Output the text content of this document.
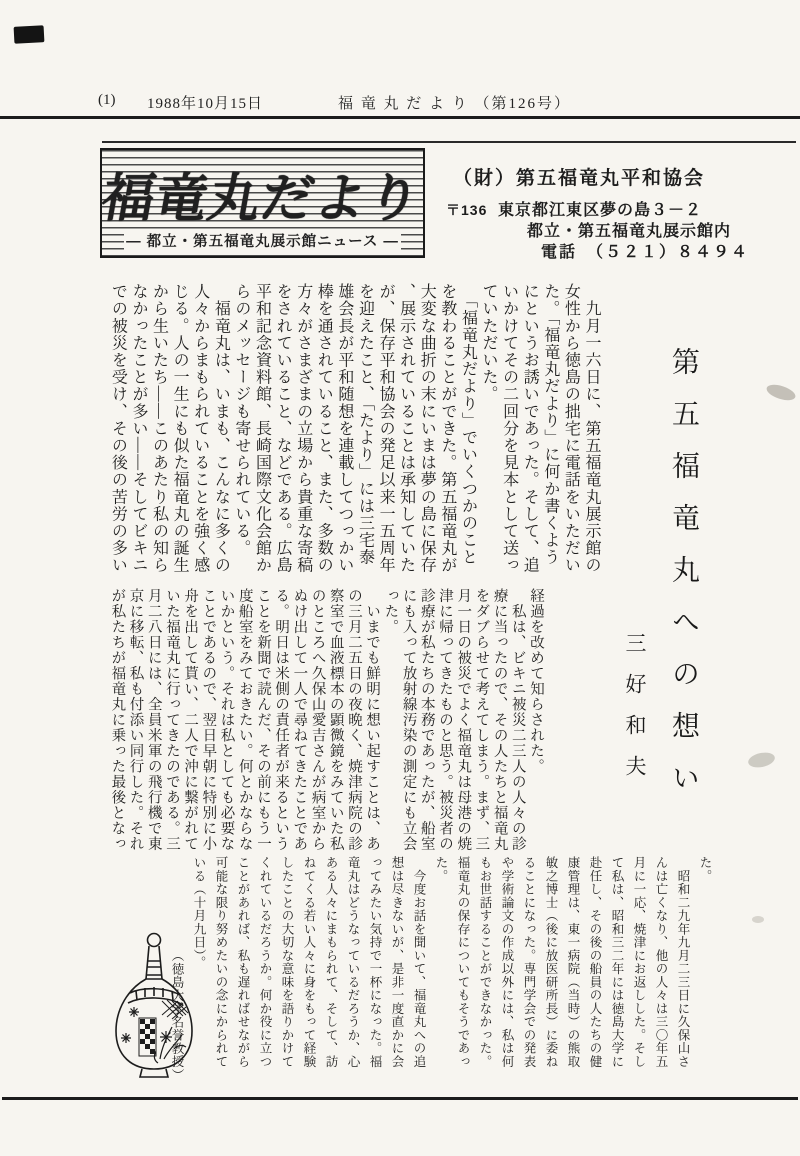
(1) 1988年10月15日	福 竜 丸 だ よ り （第126号）
福竜丸だより
— 都立・第五福竜丸展示館ニュース —
（財）第五福竜丸平和協会
〒136 東京都江東区夢の島３－２
都立・第五福竜丸展示館内
電話　（５２１）８４９４
第五福竜丸への想い
三好和夫

　九月一六日に、第五福竜丸展示館の女性から徳島の拙宅に電話をいただいた。「福竜丸だより」に何か書くようにというお誘いであった。そして、追いかけてその二回分を見本として送っていただいた。

　「福竜丸だより」でいくつかのことを教わることができた。第五福竜丸が大変な曲折の末にいまは夢の島に保存、展示されていることは承知していたが、保存平和協会の発足以来一五周年を迎えたこと、「たより」には三宅泰雄会長が平和随想を連載してつっかい棒を通されていること、また、多数の方々がさまざまの立場から貴重な寄稿をされていること、などである。広島平和記念資料館、長崎国際文化会館からのメッセージも寄せられている。

　福竜丸は、いまも、こんなに多くの人々からまもられていることを強く感じる。人の一生にも似た福竜丸の誕生から生いたち——このあたり私の知らなかったことが多い——そしてビキニでの被災を受け、その後の苦労の多い

経過を改めて知らされた。

　私は、ビキニ被災二三人の人々の診療に当ったので、その人たちと福竜丸をダブらせて考えてしまう。まず、三月一日の被災でよく福竜丸は母港の焼津に帰ってきたものと思う。被災者の診療が私たちの本務であったが、船室にも入って放射線汚染の測定にも立会った。

　いまでも鮮明に想い起すことは、あの三月二五日の夜晩く、焼津病院の診察室で血液標本の顕微鏡をみていた私のところへ久保山愛吉さんが病室からぬけ出して一人で尋ねてきたことである。明日は米側の責任者が来るということを新聞で読んだ、その前にもう一度船室をみておきたい。何とかならないかという。それは私としても必要なことであるので、翌日早朝に特別に小舟を出して貰い、二人で沖に繋がれていた福竜丸に行ってきたのである。三月二八日には、全員米軍の飛行機で東京に移転、私も付添い同行した。それが私たちが福竜丸に乗った最後となっ

た。

　昭和二九年九月二三日に久保山さんは亡くなり、他の人々は三〇年五月に一応、焼津にお返しした。そして私は、昭和三二年には徳島大学に赴任し、その後の船員の人たちの健康管理は、東一病院（当時）の熊取敏之博士（後に放医研所長）に委ねることになった。専門学会での発表や学術論文の作成以外には、私は何もお世話することができなかった。福竜丸の保存についてもそうであった。

　今度お話を聞いて、福竜丸への追想は尽きないが、是非一度直かに会ってみたい気持で一杯になった。福竜丸はどうなっているだろうか、心ある人々にまもられて、そして、訪ねてくる若い人々に身をもって経験したことの大切な意味を語りかけてくれているだろうか。何か役に立つことがあれば、私も遅ればせながら可能な限り努めたいの念にかられている（十月九日）。

（徳島大学名誉教授）
